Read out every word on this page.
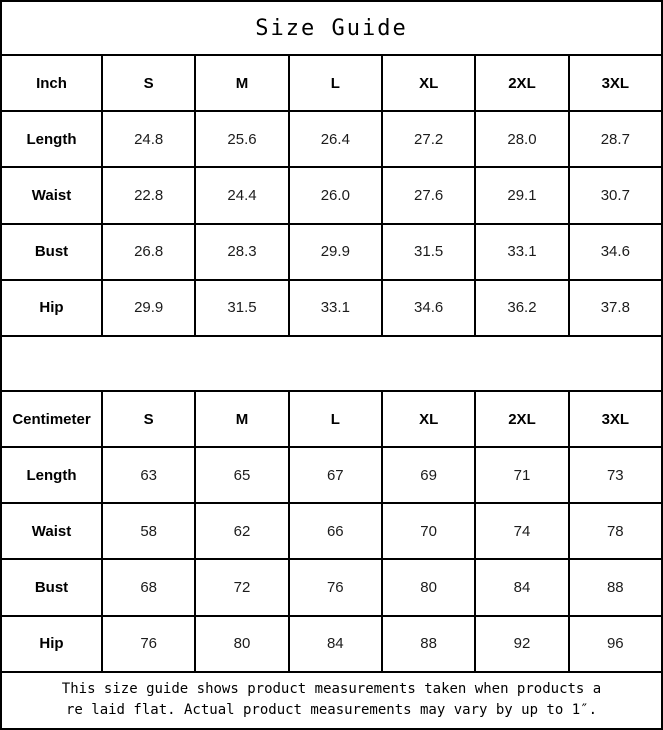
Size Guide						
Inch	S	M	L	XL	2XL	3XL
Length	24.8	25.6	26.4	27.2	28.0	28.7
Waist	22.8	24.4	26.0	27.6	29.1	30.7
Bust	26.8	28.3	29.9	31.5	33.1	34.6
Hip	29.9	31.5	33.1	34.6	36.2	37.8

Centimeter	S	M	L	XL	2XL	3XL
Length	63	65	67	69	71	73
Waist	58	62	66	70	74	78
Bust	68	72	76	80	84	88
Hip	76	80	84	88	92	96

This size guide shows product measurements taken when products a
re laid flat. Actual product measurements may vary by up to 1″.						
